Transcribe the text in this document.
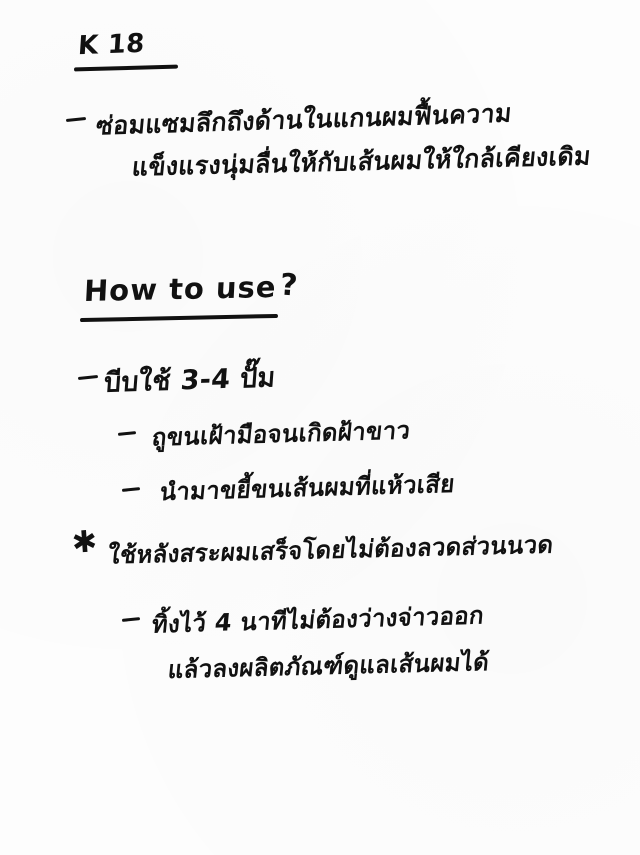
K 18
ซ่อมแซมลึกถึงด้านในแกนผมฟื้นความ
แข็งแรงนุ่มลื่นให้กับเส้นผมให้ใกล้เคียงเดิม
How to use ?
บีบใช้ 3-4 ปั๊ม
ถูขนเฝ้ามือจนเกิดฝ้าขาว
นำมาขยี้ขนเส้นผมที่แห้วเสีย
✱ ใช้หลังสระผมเสร็จโดยไม่ต้องลวดส่วนนวด
ทิ้งไว้ 4 นาทีไม่ต้องว่างจ่าวออก
แล้วลงผลิตภัณฑ์ดูแลเส้นผมได้
